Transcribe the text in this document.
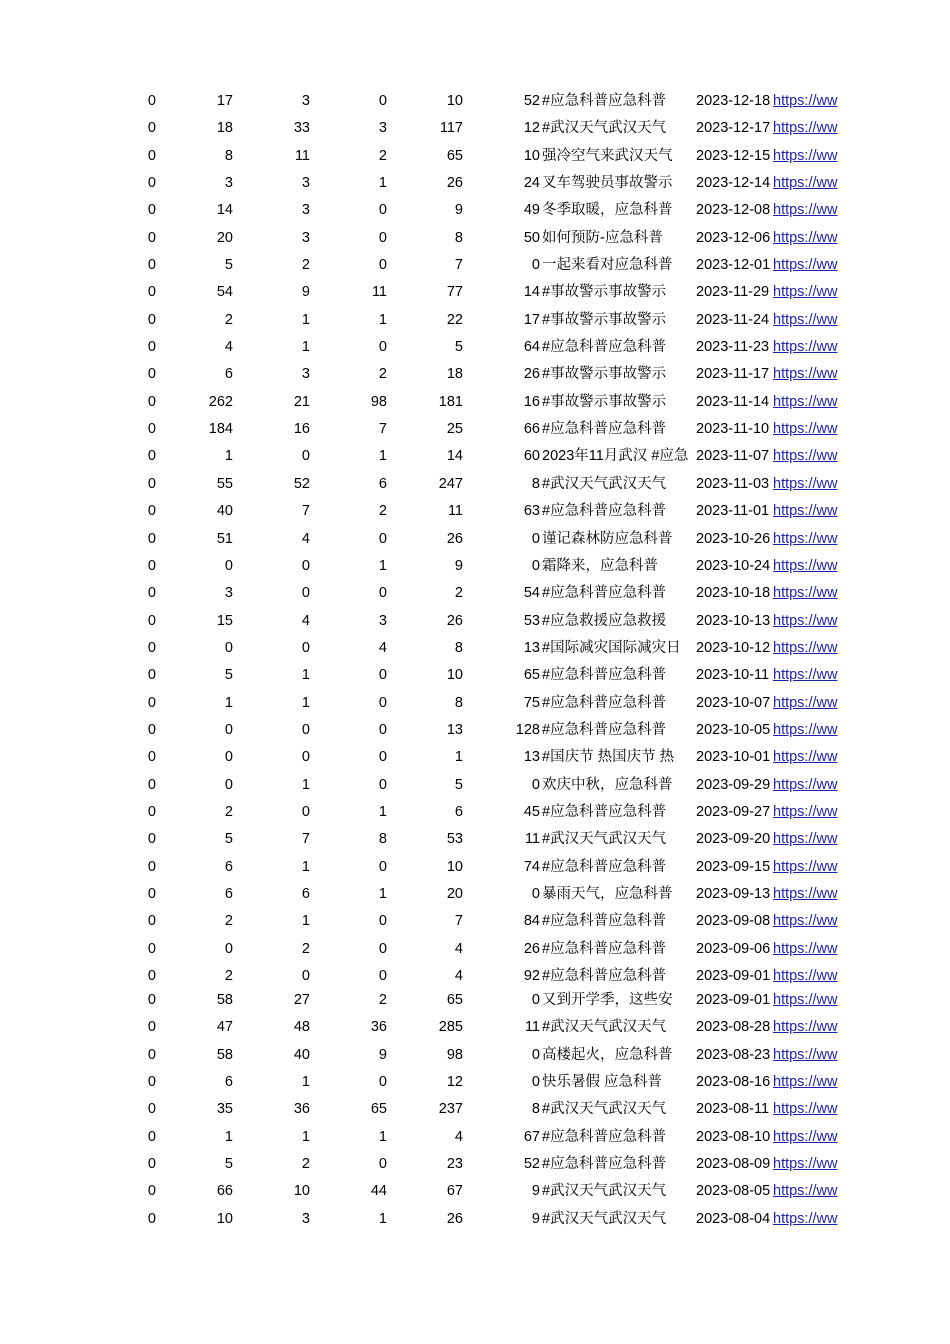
0	17	3	0	10	52 #应急科普应急科普	2023-12-18 https://ww
0	18	33	3	117	12 #武汉天气武汉天气	2023-12-17 https://ww
0	8	11	2	65	10 强冷空气来武汉天气	2023-12-15 https://ww
0	3	3	1	26	24 叉车驾驶员事故警示	2023-12-14 https://ww
0	14	3	0	9	49 冬季取暖，应急科普	2023-12-08 https://ww
0	20	3	0	8	50 如何预防-应急科普	2023-12-06 https://ww
0	5	2	0	7	0 一起来看对应急科普	2023-12-01 https://ww
0	54	9	11	77	14 #事故警示事故警示	2023-11-29 https://ww
0	2	1	1	22	17 #事故警示事故警示	2023-11-24 https://ww
0	4	1	0	5	64 #应急科普应急科普	2023-11-23 https://ww
0	6	3	2	18	26 #事故警示事故警示	2023-11-17 https://ww
0	262	21	98	181	16 #事故警示事故警示	2023-11-14 https://ww
0	184	16	7	25	66 #应急科普应急科普	2023-11-10 https://ww
0	1	0	1	14	60 2023年11月武汉 #应急 2023-11-07 https://ww
0	55	52	6	247	8 #武汉天气武汉天气	2023-11-03 https://ww
0	40	7	2	11	63 #应急科普应急科普	2023-11-01 https://ww
0	51	4	0	26	0 谨记森林防应急科普	2023-10-26 https://ww
0	0	0	1	9	0 霜降来，应急科普	2023-10-24 https://ww
0	3	0	0	2	54 #应急科普应急科普	2023-10-18 https://ww
0	15	4	3	26	53 #应急救援应急救援	2023-10-13 https://ww
0	0	0	4	8	13 #国际减灾国际减灾日	2023-10-12 https://ww
0	5	1	0	10	65 #应急科普应急科普	2023-10-11 https://ww
0	1	1	0	8	75 #应急科普应急科普	2023-10-07 https://ww
0	0	0	0	13	128 #应急科普应急科普	2023-10-05 https://ww
0	0	0	0	1	13 #国庆节 热国庆节 热	2023-10-01 https://ww
0	0	1	0	5	0 欢庆中秋，应急科普	2023-09-29 https://ww
0	2	0	1	6	45 #应急科普应急科普	2023-09-27 https://ww
0	5	7	8	53	11 #武汉天气武汉天气	2023-09-20 https://ww
0	6	1	0	10	74 #应急科普应急科普	2023-09-15 https://ww
0	6	6	1	20	0 暴雨天气，应急科普	2023-09-13 https://ww
0	2	1	0	7	84 #应急科普应急科普	2023-09-08 https://ww
0	0	2	0	4	26 #应急科普应急科普	2023-09-06 https://ww
0	2	0	0	4	92 #应急科普应急科普	2023-09-01 https://ww
0	58	27	2	65	0 又到开学季，这些安	2023-09-01 https://ww
0	47	48	36	285	11 #武汉天气武汉天气	2023-08-28 https://ww
0	58	40	9	98	0 高楼起火，应急科普	2023-08-23 https://ww
0	6	1	0	12	0 快乐暑假 应急科普	2023-08-16 https://ww
0	35	36	65	237	8 #武汉天气武汉天气	2023-08-11 https://ww
0	1	1	1	4	67 #应急科普应急科普	2023-08-10 https://ww
0	5	2	0	23	52 #应急科普应急科普	2023-08-09 https://ww
0	66	10	44	67	9 #武汉天气武汉天气	2023-08-05 https://ww
0	10	3	1	26	9 #武汉天气武汉天气	2023-08-04 https://ww
